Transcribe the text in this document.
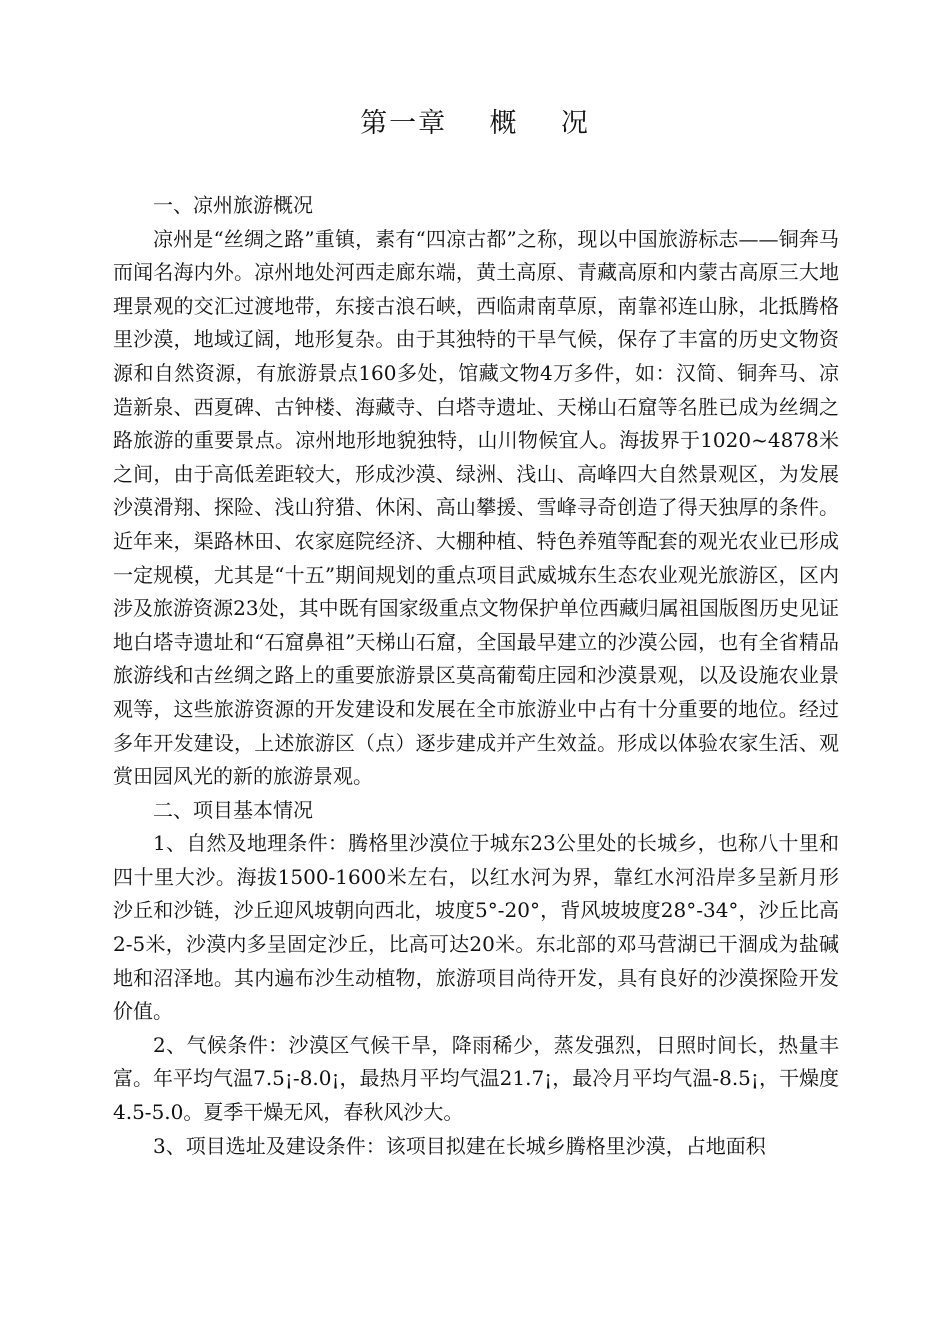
第一章    概    况

一、凉州旅游概况

凉州是“丝绸之路”重镇，素有“四凉古都”之称，现以中国旅游标志——铜奔马而闻名海内外。凉州地处河西走廊东端，黄土高原、青藏高原和内蒙古高原三大地理景观的交汇过渡地带，东接古浪石峡，西临肃南草原，南靠祁连山脉，北抵腾格里沙漠，地域辽阔，地形复杂。由于其独特的干旱气候，保存了丰富的历史文物资源和自然资源，有旅游景点160多处，馆藏文物4万多件，如：汉简、铜奔马、凉造新泉、西夏碑、古钟楼、海藏寺、白塔寺遗址、天梯山石窟等名胜已成为丝绸之路旅游的重要景点。凉州地形地貌独特，山川物候宜人。海拔界于1020~4878米之间，由于高低差距较大，形成沙漠、绿洲、浅山、高峰四大自然景观区，为发展沙漠滑翔、探险、浅山狩猎、休闲、高山攀援、雪峰寻奇创造了得天独厚的条件。近年来，渠路林田、农家庭院经济、大棚种植、特色养殖等配套的观光农业已形成一定规模，尤其是“十五”期间规划的重点项目武威城东生态农业观光旅游区，区内涉及旅游资源23处，其中既有国家级重点文物保护单位西藏归属祖国版图历史见证地白塔寺遗址和“石窟鼻祖”天梯山石窟，全国最早建立的沙漠公园，也有全省精品旅游线和古丝绸之路上的重要旅游景区莫高葡萄庄园和沙漠景观，以及设施农业景观等，这些旅游资源的开发建设和发展在全市旅游业中占有十分重要的地位。经过多年开发建设，上述旅游区（点）逐步建成并产生效益。形成以体验农家生活、观赏田园风光的新的旅游景观。

二、项目基本情况

1、自然及地理条件：腾格里沙漠位于城东23公里处的长城乡，也称八十里和四十里大沙。海拔1500-1600米左右，以红水河为界，靠红水河沿岸多呈新月形沙丘和沙链，沙丘迎风坡朝向西北，坡度5°-20°，背风坡坡度28°-34°，沙丘比高2-5米，沙漠内多呈固定沙丘，比高可达20米。东北部的邓马营湖已干涸成为盐碱地和沼泽地。其内遍布沙生动植物，旅游项目尚待开发，具有良好的沙漠探险开发价值。

2、气候条件：沙漠区气候干旱，降雨稀少，蒸发强烈，日照时间长，热量丰富。年平均气温7.5¡-8.0¡，最热月平均气温21.7¡，最冷月平均气温-8.5¡，干燥度4.5-5.0。夏季干燥无风，春秋风沙大。

3、项目选址及建设条件：该项目拟建在长城乡腾格里沙漠，占地面积
